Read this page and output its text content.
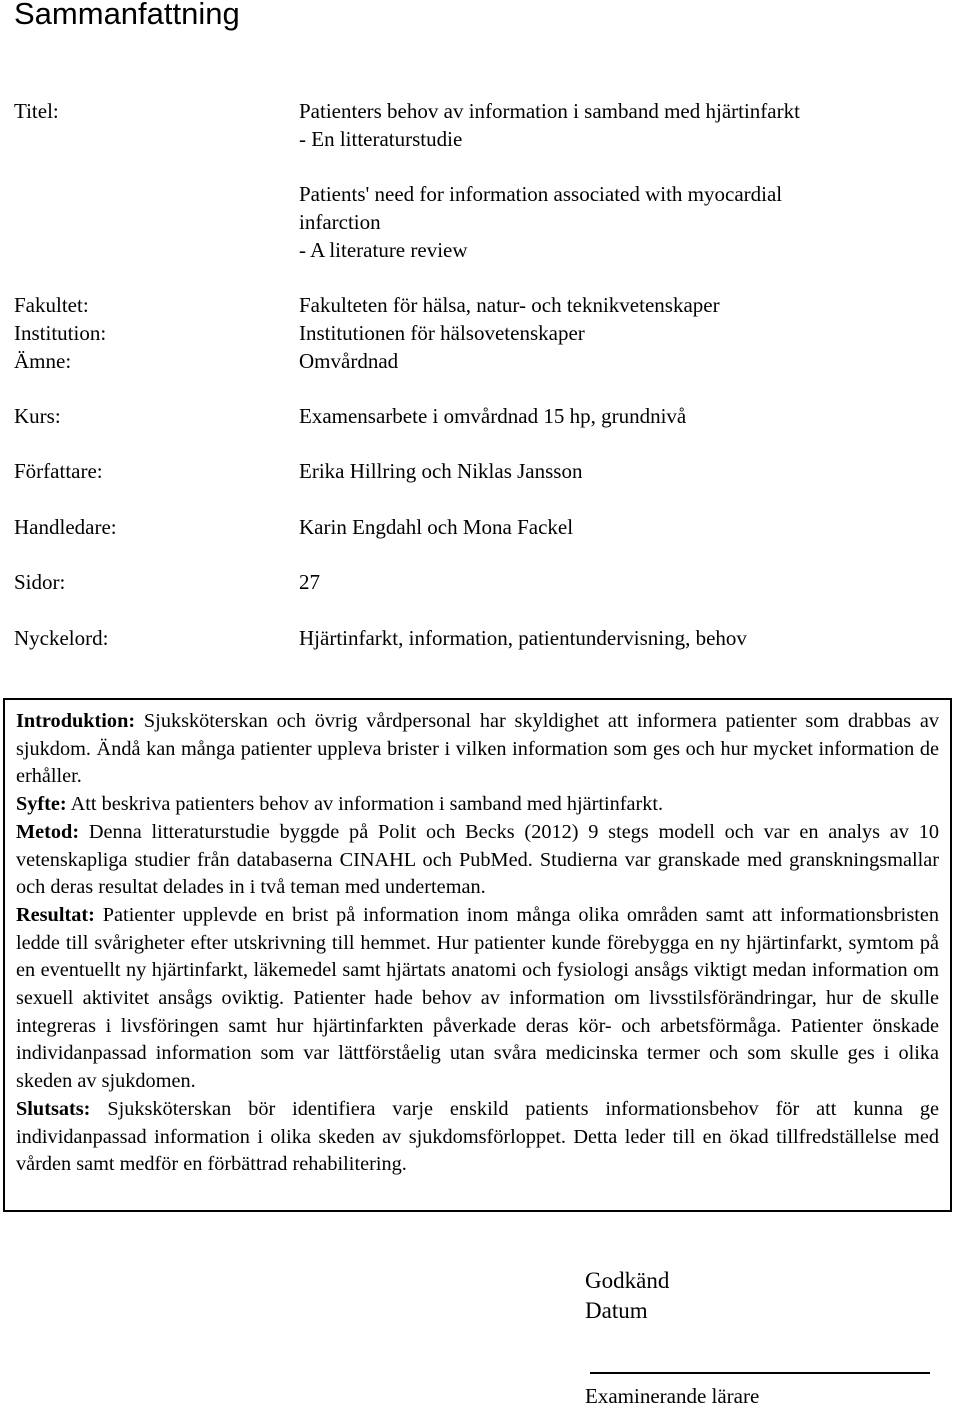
Sammanfattning
Titel:	Patienters behov av information i samband med hjärtinfarkt
- En litteraturstudie
Patients' need for information associated with myocardial
infarction
- A literature review
Fakultet:	Fakulteten för hälsa, natur- och teknikvetenskaper
Institution:	Institutionen för hälsovetenskaper
Ämne:	Omvårdnad
Kurs:	Examensarbete i omvårdnad 15 hp, grundnivå
Författare:	Erika Hillring och Niklas Jansson
Handledare:	Karin Engdahl och Mona Fackel
Sidor:	27
Nyckelord:	Hjärtinfarkt, information, patientundervisning, behov

Introduktion: Sjuksköterskan och övrig vårdpersonal har skyldighet att informera patienter som drabbas av sjukdom. Ändå kan många patienter uppleva brister i vilken information som ges och hur mycket information de erhåller.

Syfte: Att beskriva patienters behov av information i samband med hjärtinfarkt.

Metod: Denna litteraturstudie byggde på Polit och Becks (2012) 9 stegs modell och var en analys av 10 vetenskapliga studier från databaserna CINAHL och PubMed. Studierna var granskade med granskningsmallar och deras resultat delades in i två teman med underteman.

Resultat: Patienter upplevde en brist på information inom många olika områden samt att informationsbristen ledde till svårigheter efter utskrivning till hemmet. Hur patienter kunde förebygga en ny hjärtinfarkt, symtom på en eventuellt ny hjärtinfarkt, läkemedel samt hjärtats anatomi och fysiologi ansågs viktigt medan information om sexuell aktivitet ansågs oviktig. Patienter hade behov av information om livsstilsförändringar, hur de skulle integreras i livsföringen samt hur hjärtinfarkten påverkade deras kör- och arbetsförmåga. Patienter önskade individanpassad information som var lättförståelig utan svåra medicinska termer och som skulle ges i olika skeden av sjukdomen.

Slutsats: Sjuksköterskan bör identifiera varje enskild patients informationsbehov för att kunna ge individanpassad information i olika skeden av sjukdomsförloppet. Detta leder till en ökad tillfredställelse med vården samt medför en förbättrad rehabilitering.

Godkänd
Datum
Examinerande lärare
